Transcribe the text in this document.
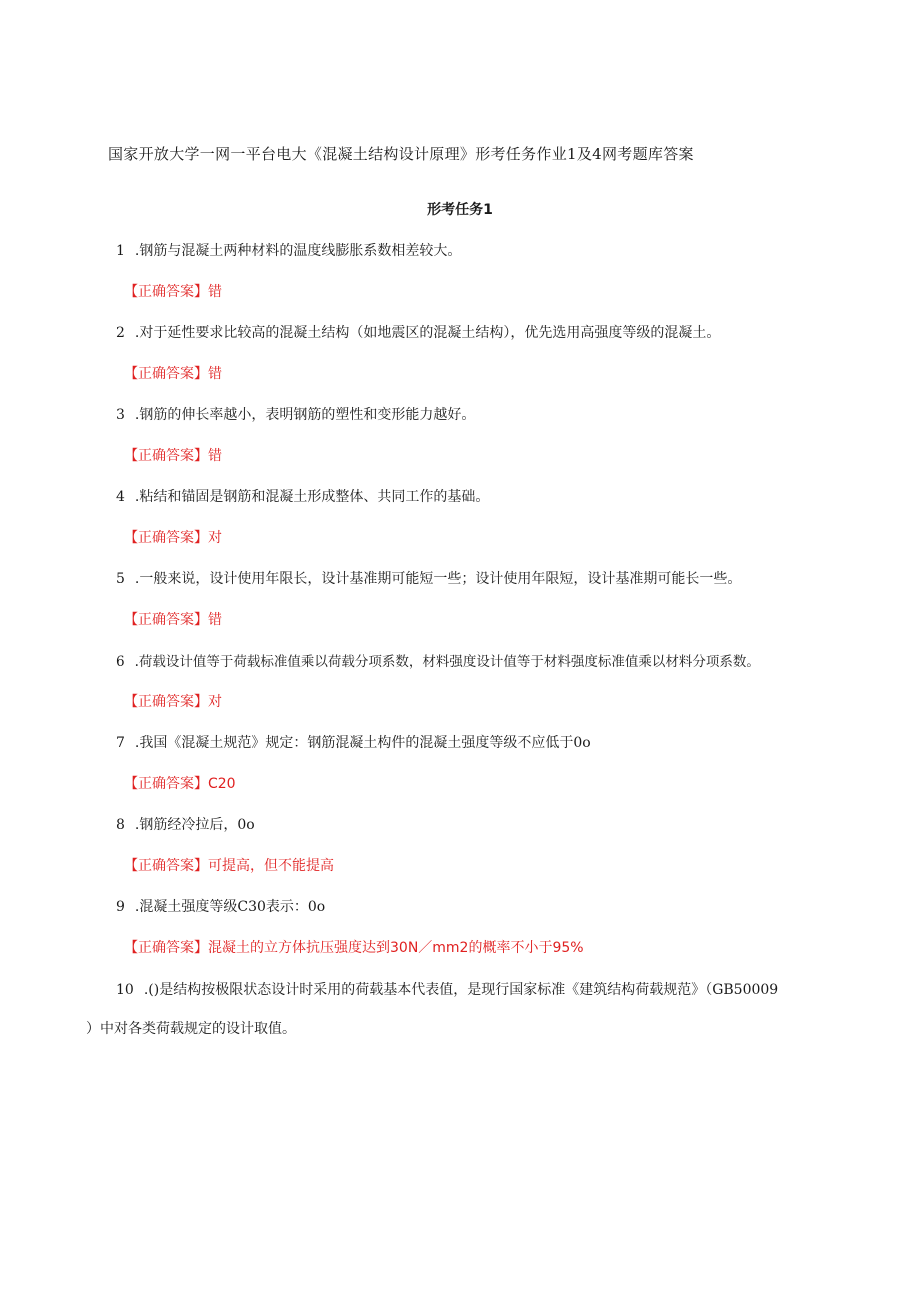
国家开放大学一网一平台电大《混凝土结构设计原理》形考任务作业1及4网考题库答案
形考任务1
1 .钢筋与混凝土两种材料的温度线膨胀系数相差较大。
【正确答案】错
2 .对于延性要求比较高的混凝土结构（如地震区的混凝土结构），优先选用高强度等级的混凝土。
【正确答案】错
3 .钢筋的伸长率越小，表明钢筋的塑性和变形能力越好。
【正确答案】错
4 .粘结和锚固是钢筋和混凝土形成整体、共同工作的基础。
【正确答案】对
5 .一般来说，设计使用年限长，设计基准期可能短一些；设计使用年限短，设计基准期可能长一些。
【正确答案】错
6 .荷载设计值等于荷载标准值乘以荷载分项系数，材料强度设计值等于材料强度标准值乘以材料分项系数。
【正确答案】对
7 .我国《混凝土规范》规定：钢筋混凝土构件的混凝土强度等级不应低于0o
【正确答案】C20
8 .钢筋经冷拉后，0o
【正确答案】可提高，但不能提高
9 .混凝土强度等级C30表示：0o
【正确答案】混凝土的立方体抗压强度达到30N／mm2的概率不小于95%
10 .()是结构按极限状态设计时采用的荷载基本代表值，是现行国家标准《建筑结构荷载规范》（GB50009
）中对各类荷载规定的设计取值。
